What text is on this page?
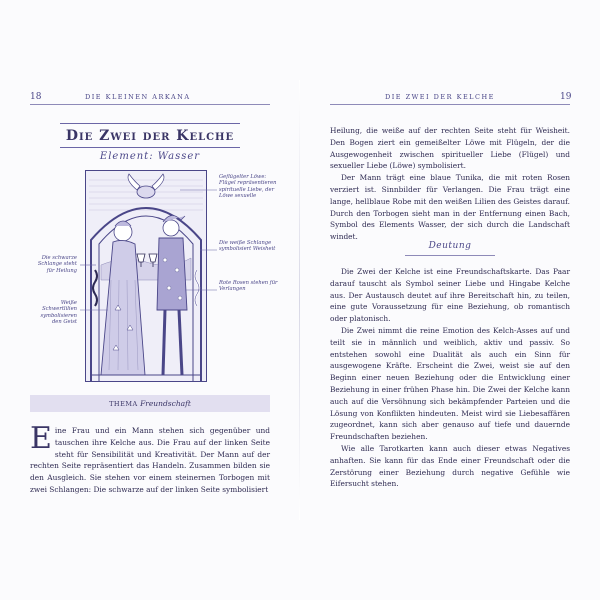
18	DIE KLEINEN ARKANA	DIE ZWEI DER KELCHE	19
Die Zwei der Kelche
Element: Wasser
Geflügelter Löwe: Flügel repräsentieren spirituelle Liebe, der Löwe sexuelle
Die weiße Schlange symbolisiert Weisheit
Rote Rosen stehen für Verlangen
Die schwarze Schlange steht für Heilung
Weiße Schwertlilien symbolisieren den Geist
THEMA Freundschaft

Eine Frau und ein Mann stehen sich gegenüber und tauschen ihre Kelche aus. Die Frau auf der linken Seite steht für Sensibilität und Kreativität. Der Mann auf der rechten Seite repräsentiert das Handeln. Zusammen bilden sie den Ausgleich. Sie stehen vor einem steinernen Torbogen mit zwei Schlangen: Die schwarze auf der linken Seite symbolisiert

Heilung, die weiße auf der rechten Seite steht für Weisheit. Den Bogen ziert ein gemeißelter Löwe mit Flügeln, der die Ausgewogenheit zwischen spiritueller Liebe (Flügel) und sexueller Liebe (Löwe) symbolisiert.

Der Mann trägt eine blaue Tunika, die mit roten Rosen verziert ist. Sinnbilder für Verlangen. Die Frau trägt eine lange, hellblaue Robe mit den weißen Lilien des Geistes darauf. Durch den Torbogen sieht man in der Entfernung einen Bach, Symbol des Elements Wasser, der sich durch die Landschaft windet.

Deutung

Die Zwei der Kelche ist eine Freundschaftskarte. Das Paar darauf tauscht als Symbol seiner Liebe und Hingabe Kelche aus. Der Austausch deutet auf ihre Bereitschaft hin, zu teilen, eine gute Voraussetzung für eine Beziehung, ob romantisch oder platonisch.

Die Zwei nimmt die reine Emotion des Kelch-Asses auf und teilt sie in männlich und weiblich, aktiv und passiv. So entstehen sowohl eine Dualität als auch ein Sinn für ausgewogene Kräfte. Erscheint die Zwei, weist sie auf den Beginn einer neuen Beziehung oder die Entwicklung einer Beziehung in einer frühen Phase hin. Die Zwei der Kelche kann auch auf die Versöhnung sich bekämpfender Parteien und die Lösung von Konflikten hindeuten. Meist wird sie Liebesaffären zugeordnet, kann sich aber genauso auf tiefe und dauernde Freundschaften beziehen.

Wie alle Tarotkarten kann auch dieser etwas Negatives anhaften. Sie kann für das Ende einer Freundschaft oder die Zerstörung einer Beziehung durch negative Gefühle wie Eifersucht stehen.
